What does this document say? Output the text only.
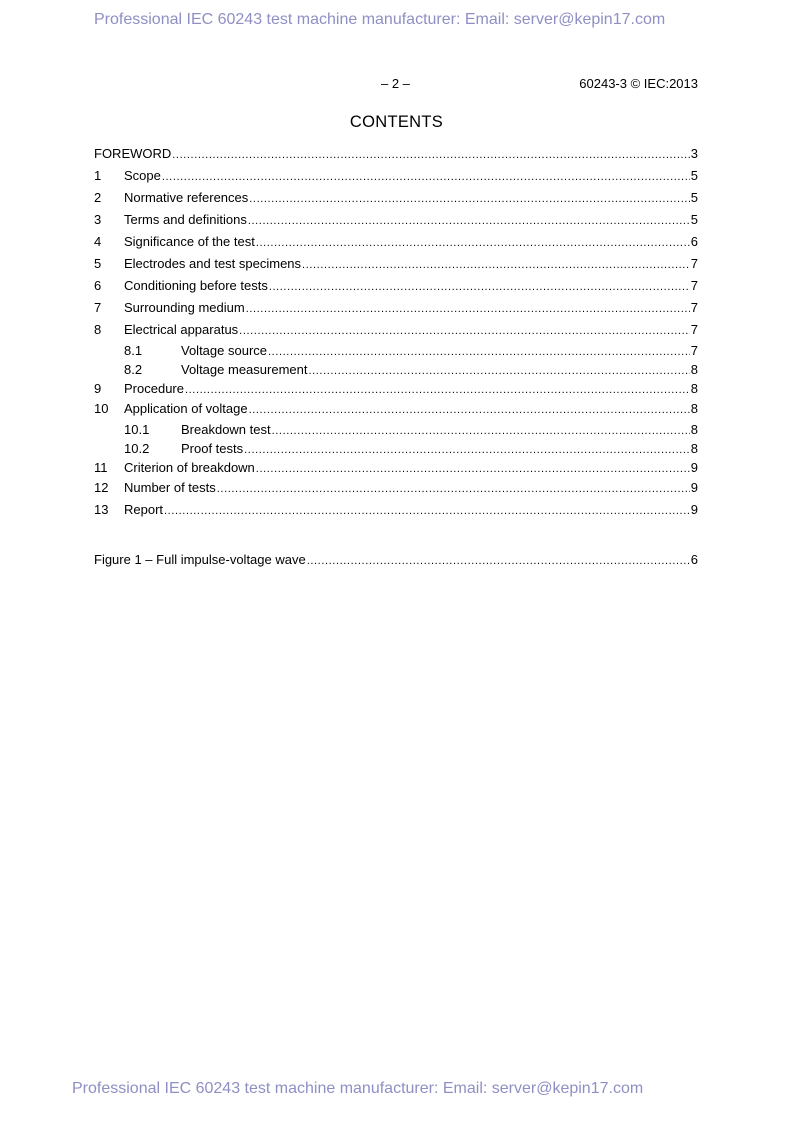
Professional IEC 60243 test machine manufacturer: Email: server@kepin17.com
– 2 –	60243-3 © IEC:2013
CONTENTS
FOREWORD .....	3
1	Scope .....	5
2	Normative references .....	5
3	Terms and definitions .....	5
4	Significance of the test .....	6
5	Electrodes and test specimens .....	7
6	Conditioning before tests .....	7
7	Surrounding medium .....	7
8	Electrical apparatus .....	7
8.1	Voltage source .....	7
8.2	Voltage measurement .....	8
9	Procedure .....	8
10	Application of voltage .....	8
10.1	Breakdown test .....	8
10.2	Proof tests .....	8
11	Criterion of breakdown .....	9
12	Number of tests .....	9
13	Report .....	9
Figure 1 – Full impulse-voltage wave .....	6
Professional IEC 60243 test machine manufacturer: Email: server@kepin17.com
